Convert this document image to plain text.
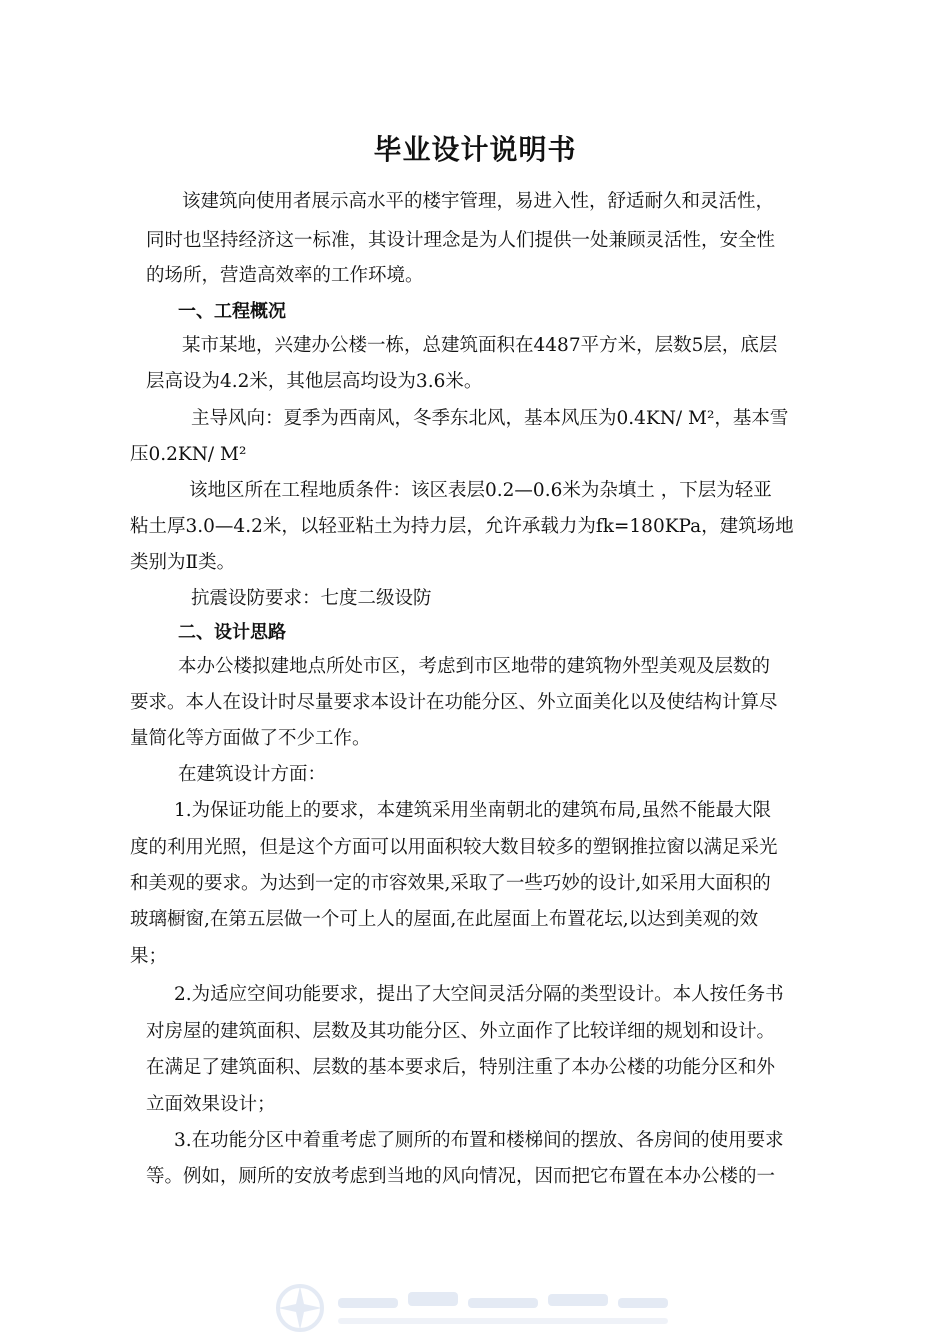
毕业设计说明书
该建筑向使用者展示高水平的楼宇管理，易进入性，舒适耐久和灵活性，
同时也坚持经济这一标准，其设计理念是为人们提供一处兼顾灵活性，安全性
的场所，营造高效率的工作环境。
一、工程概况
某市某地，兴建办公楼一栋，总建筑面积在4487平方米，层数5层，底层
层高设为4.2米，其他层高均设为3.6米。
主导风向：夏季为西南风，冬季东北风，基本风压为0.4KN/ M²，基本雪
压0.2KN/ M²
该地区所在工程地质条件：该区表层0.2—0.6米为杂填土 ，下层为轻亚
粘土厚3.0—4.2米，以轻亚粘土为持力层，允许承载力为fk=180KPa，建筑场地
类别为Ⅱ类。
抗震设防要求：七度二级设防
二、设计思路
本办公楼拟建地点所处市区，考虑到市区地带的建筑物外型美观及层数的
要求。本人在设计时尽量要求本设计在功能分区、外立面美化以及使结构计算尽
量简化等方面做了不少工作。
在建筑设计方面：
1.为保证功能上的要求，本建筑采用坐南朝北的建筑布局,虽然不能最大限
度的利用光照，但是这个方面可以用面积较大数目较多的塑钢推拉窗以满足采光
和美观的要求。为达到一定的市容效果,采取了一些巧妙的设计,如采用大面积的
玻璃橱窗,在第五层做一个可上人的屋面,在此屋面上布置花坛,以达到美观的效
果；
2.为适应空间功能要求，提出了大空间灵活分隔的类型设计。本人按任务书
对房屋的建筑面积、层数及其功能分区、外立面作了比较详细的规划和设计。
在满足了建筑面积、层数的基本要求后，特别注重了本办公楼的功能分区和外
立面效果设计；
3.在功能分区中着重考虑了厕所的布置和楼梯间的摆放、各房间的使用要求
等。例如，厕所的安放考虑到当地的风向情况，因而把它布置在本办公楼的一
